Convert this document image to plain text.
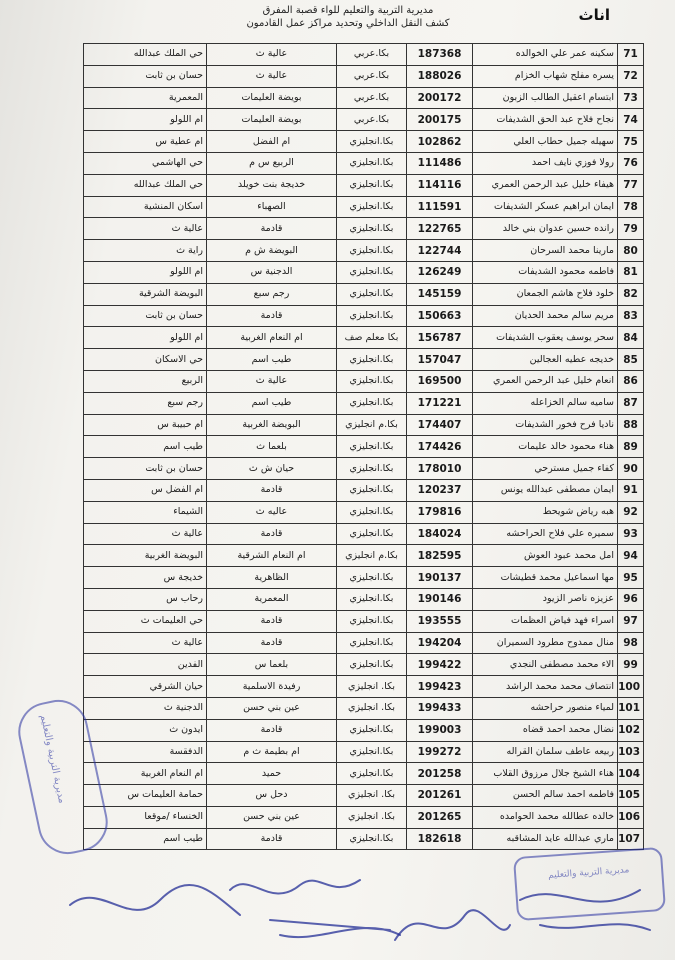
مديرية التربية والتعليم للواء قصبة المفرق
كشف النقل الداخلي وتحديد مراكز عمل القادمون	اناث
71	سكينه عمر علي الخوالده	187368	بكا.عربي	عالية ث	حي الملك عبدالله
72	يسره مفلح شهاب الخزام	188026	بكا.عربي	عالية ث	حسان بن ثابت
73	ابتسام اعقيل الطالب الزبون	200172	بكا.عربي	بويضة العليمات	المعمرية
74	نجاح فلاح عبد الحق الشديفات	200175	بكا.عربي	بويضة العليمات	ام اللولو
75	سهيله جميل حطاب العلي	102862	بكا.انجليزي	ام الفضل	ام عطية س
76	رولا فوزي نايف احمد	111486	بكا.انجليزي	الربيع س م	حي الهاشمي
77	هيفاء خليل عبد الرحمن العمري	114116	بكا.انجليزي	خديجة بنت خويلد	حي الملك عبدالله
78	ايمان ابراهيم عسكر الشديفات	111591	بكا.انجليزي	الصهباء	اسكان المنشية
79	رانده حسين عدوان بني خالد	122765	بكا.انجليزي	قادمة	عالية ث
80	مارينا محمد السرحان	122744	بكا.انجليزي	البويضة ش م	راية ث
81	فاطمه محمود الشديفات	126249	بكا.انجليزي	الدجنية س	ام اللولو
82	خلود فلاح هاشم الجمعان	145159	بكا.انجليزي	رجم سبع	البويضة الشرقية
83	مريم سالم محمد الحديان	150663	بكا.انجليزي	قادمة	حسان بن ثابت
84	سحر يوسف يعقوب الشديفات	156787	بكا معلم صف	ام النعام الغربية	ام اللولو
85	خديجه عطيه العجالين	157047	بكا.انجليزي	طيب اسم	حي الاسكان
86	انعام خليل عبد الرحمن العمري	169500	بكا.انجليزي	عالية ث	الربيع
87	ساميه سالم الخزاعله	171221	بكا.انجليزي	طيب اسم	رجم سبع
88	ناديا فرح فخور الشديفات	174407	بكا.م انجليزي	البويضة الغربية	ام حبيبة س
89	هناء محمود خالد عليمات	174426	بكا.انجليزي	بلعما ث	طيب اسم
90	كفاء جميل مسترحي	178010	بكا.انجليزي	حيان ش ث	حسان بن ثابت
91	ايمان مصطفى عبدالله يونس	120237	بكا.انجليزي	قادمة	ام الفضل س
92	هبه رياض شويحط	179816	بكا.انجليزي	عاليه ث	الشيماء
93	سميره علي فلاح الحراحشه	184024	بكا.انجليزي	قادمة	عالية ث
94	امل محمد عبود العوش	182595	بكا.م انجليزي	ام النعام الشرقية	البويضة الغربية
95	مها اسماعيل محمد قطيشات	190137	بكا.انجليزي	الظاهرية	خديجة س
96	عزيزه ناصر الزيود	190146	بكا.انجليزي	المعمرية	رحاب س
97	اسراء فهد فياض العظمات	193555	بكا.انجليزي	قادمة	حي العليمات ث
98	منال ممدوح مطرود السميران	194204	بكا.انجليزي	قادمة	عالية ث
99	الاء محمد مصطفى النجدي	199422	بكا.انجليزي	بلعما س	الفدين
100	انتصاف محمد محمد الراشد	199423	بكا. انجليزي	رفيدة الاسلمية	حيان الشرقي
101	لمياء منصور حراحشه	199433	بكا. انجليزي	عين بني حسن	الدجنية ث
102	نضال محمد احمد قضاه	199003	بكا.انجليزي	قادمة	ايدون ث
103	ربيعه عاطف سلمان القراله	199272	بكا.انجليزي	ام بطيمة ث م	الدفقسة
104	هناء الشيخ جلال مرزوق القلاب	201258	بكا.انجليزي	حميد	ام النعام الغربية
105	فاطمه احمد سالم الحسن	201261	بكا. انجليزي	دحل س	حمامة العليمات س
106	خالده عطالله محمد الحوامده	201265	بكا. انجليزي	عين بني حسن	الخنساء /موقعا
107	ماري عبدالله عايد المشاقبه	182618	بكا.انجليزي	قادمة	طيب اسم
مديرية التربية والتعليم
مديرية التربية والتعليم
